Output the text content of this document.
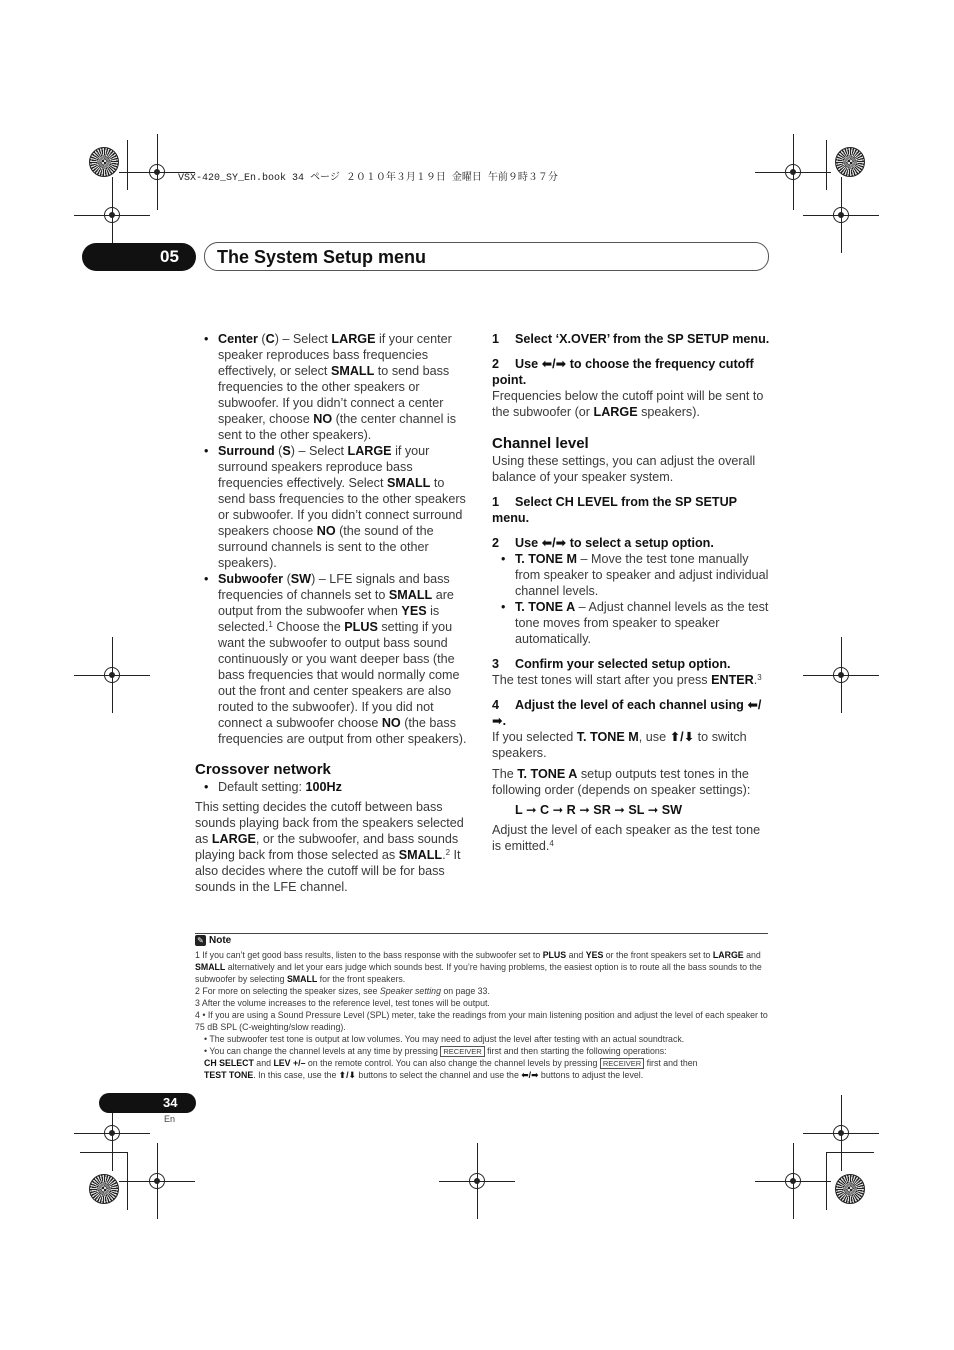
VSX-420_SY_En.book 34 ページ ２０１０年３月１９日 金曜日 午前９時３７分
05 The System Setup menu

• Center (C) – Select LARGE if your center speaker reproduces bass frequencies effectively, or select SMALL to send bass frequencies to the other speakers or subwoofer. If you didn’t connect a center speaker, choose NO (the center channel is sent to the other speakers).

• Surround (S) – Select LARGE if your surround speakers reproduce bass frequencies effectively. Select SMALL to send bass frequencies to the other speakers or subwoofer. If you didn’t connect surround speakers choose NO (the sound of the surround channels is sent to the other speakers).

• Subwoofer (SW) – LFE signals and bass frequencies of channels set to SMALL are output from the subwoofer when YES is selected.$^1$ Choose the PLUS setting if you want the subwoofer to output bass sound continuously or you want deeper bass (the bass frequencies that would normally come out the front and center speakers are also routed to the subwoofer). If you did not connect a subwoofer choose NO (the bass frequencies are output from other speakers).

Crossover network

• Default setting: 100Hz

This setting decides the cutoff between bass sounds playing back from the speakers selected as LARGE, or the subwoofer, and bass sounds playing back from those selected as SMALL.$^2$ It also decides where the cutoff will be for bass sounds in the LFE channel.

1 Select ‘X.OVER’ from the SP SETUP menu.

2 Use ⬅/➡ to choose the frequency cutoff point.

Frequencies below the cutoff point will be sent to the subwoofer (or LARGE speakers).

Channel level

Using these settings, you can adjust the overall balance of your speaker system.

1 Select CH LEVEL from the SP SETUP menu.

2 Use ⬅/➡ to select a setup option.

• T. TONE M – Move the test tone manually from speaker to speaker and adjust individual channel levels.

• T. TONE A – Adjust channel levels as the test tone moves from speaker to speaker automatically.

3 Confirm your selected setup option.

The test tones will start after you press ENTER.$^3$

4 Adjust the level of each channel using ⬅/➡.

If you selected T. TONE M, use ⬆/⬇ to switch speakers.

The T. TONE A setup outputs test tones in the following order (depends on speaker settings):

L ➞ C ➞ R ➞ SR ➞ SL ➞ SW

Adjust the level of each speaker as the test tone is emitted.$^4$

✎ Note

1 If you can’t get good bass results, listen to the bass response with the subwoofer set to PLUS and YES or the front speakers set to LARGE and SMALL alternatively and let your ears judge which sounds best. If you’re having problems, the easiest option is to route all the bass sounds to the subwoofer by selecting SMALL for the front speakers.

2 For more on selecting the speaker sizes, see Speaker setting on page 33.

3 After the volume increases to the reference level, test tones will be output.

4 • If you are using a Sound Pressure Level (SPL) meter, take the readings from your main listening position and adjust the level of each speaker to 75 dB SPL (C-weighting/slow reading).

• The subwoofer test tone is output at low volumes. You may need to adjust the level after testing with an actual soundtrack.

• You can change the channel levels at any time by pressing RECEIVER first and then starting the following operations:

CH SELECT and LEV +/– on the remote control. You can also change the channel levels by pressing RECEIVER first and then

TEST TONE. In this case, use the ⬆/⬇ buttons to select the channel and use the ⬅/➡ buttons to adjust the level.

34
En
